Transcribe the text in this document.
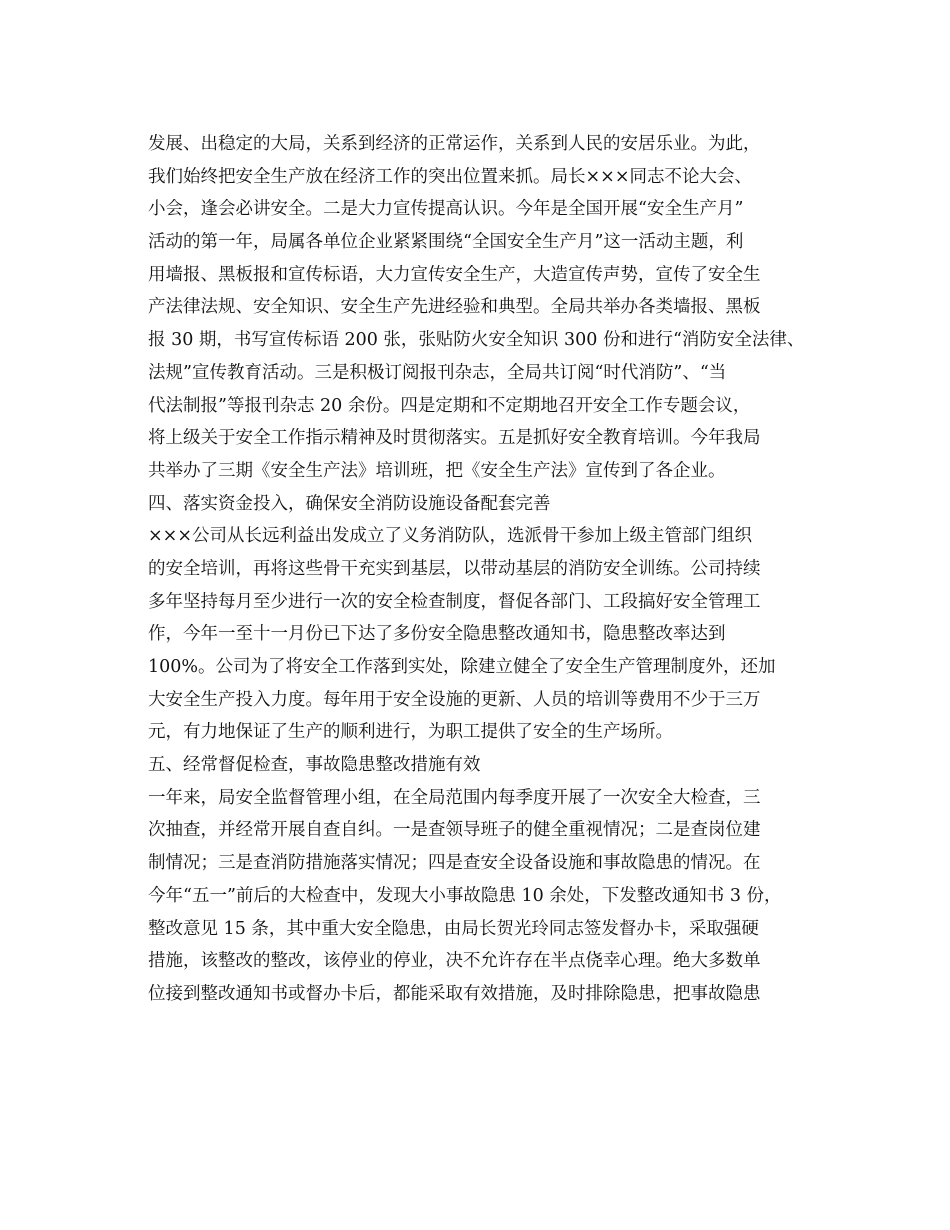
发展、出稳定的大局，关系到经济的正常运作，关系到人民的安居乐业。为此，
我们始终把安全生产放在经济工作的突出位置来抓。局长×××同志不论大会、
小会，逢会必讲安全。二是大力宣传提高认识。今年是全国开展“安全生产月”
活动的第一年，局属各单位企业紧紧围绕“全国安全生产月”这一活动主题，利
用墙报、黑板报和宣传标语，大力宣传安全生产，大造宣传声势，宣传了安全生
产法律法规、安全知识、安全生产先进经验和典型。全局共举办各类墙报、黑板
报 30 期，书写宣传标语 200 张，张贴防火安全知识 300 份和进行“消防安全法律、
法规”宣传教育活动。三是积极订阅报刊杂志，全局共订阅“时代消防”、“当
代法制报”等报刊杂志 20 余份。四是定期和不定期地召开安全工作专题会议，
将上级关于安全工作指示精神及时贯彻落实。五是抓好安全教育培训。今年我局
共举办了三期《安全生产法》培训班，把《安全生产法》宣传到了各企业。
四、落实资金投入，确保安全消防设施设备配套完善
×××公司从长远利益出发成立了义务消防队，选派骨干参加上级主管部门组织
的安全培训，再将这些骨干充实到基层，以带动基层的消防安全训练。公司持续
多年坚持每月至少进行一次的安全检查制度，督促各部门、工段搞好安全管理工
作，今年一至十一月份已下达了多份安全隐患整改通知书，隐患整改率达到
100%。公司为了将安全工作落到实处，除建立健全了安全生产管理制度外，还加
大安全生产投入力度。每年用于安全设施的更新、人员的培训等费用不少于三万
元，有力地保证了生产的顺利进行，为职工提供了安全的生产场所。
五、经常督促检查，事故隐患整改措施有效
一年来，局安全监督管理小组，在全局范围内每季度开展了一次安全大检查，三
次抽查，并经常开展自查自纠。一是查领导班子的健全重视情况；二是查岗位建
制情况；三是查消防措施落实情况；四是查安全设备设施和事故隐患的情况。在
今年“五一”前后的大检查中，发现大小事故隐患 10 余处，下发整改通知书 3 份，
整改意见 15 条，其中重大安全隐患，由局长贺光玲同志签发督办卡，采取强硬
措施，该整改的整改，该停业的停业，决不允许存在半点侥幸心理。绝大多数单
位接到整改通知书或督办卡后，都能采取有效措施，及时排除隐患，把事故隐患
